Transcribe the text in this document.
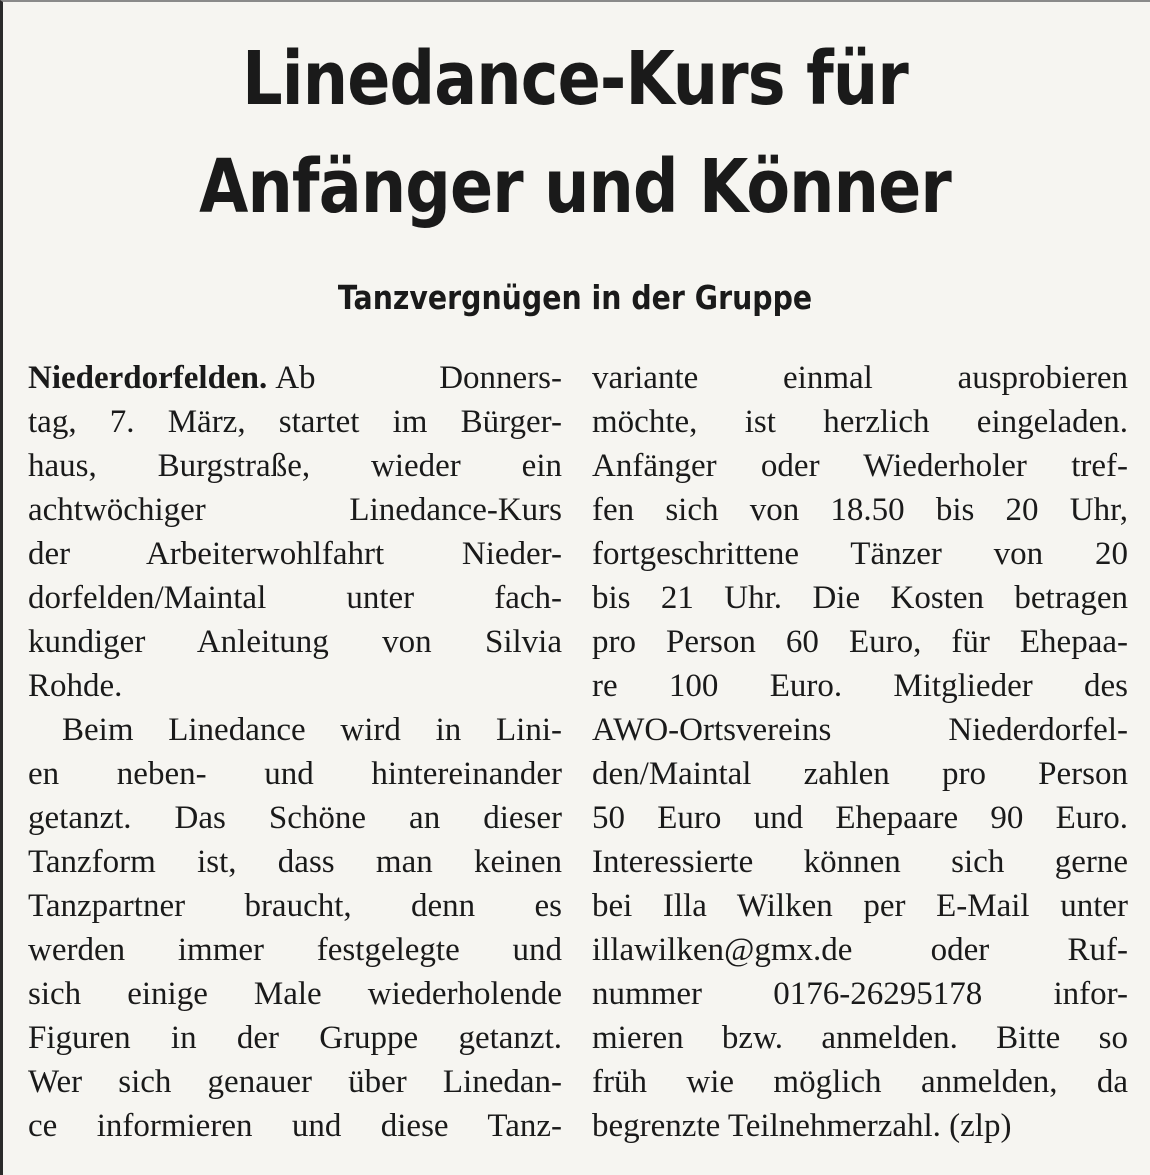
Linedance-Kurs für
Anfänger und Könner
Tanzvergnügen in der Gruppe
Niederdorfelden. Ab Donners-
tag, 7. März, startet im Bürger-
haus, Burgstraße, wieder ein
achtwöchiger Linedance-Kurs
der Arbeiterwohlfahrt Nieder-
dorfelden/Maintal unter fach-
kundiger Anleitung von Silvia
Rohde.
Beim Linedance wird in Lini-
en neben- und hintereinander
getanzt. Das Schöne an dieser
Tanzform ist, dass man keinen
Tanzpartner braucht, denn es
werden immer festgelegte und
sich einige Male wiederholende
Figuren in der Gruppe getanzt.
Wer sich genauer über Linedan-
ce informieren und diese Tanz-
variante einmal ausprobieren
möchte, ist herzlich eingeladen.
Anfänger oder Wiederholer tref-
fen sich von 18.50 bis 20 Uhr,
fortgeschrittene Tänzer von 20
bis 21 Uhr. Die Kosten betragen
pro Person 60 Euro, für Ehepaa-
re 100 Euro. Mitglieder des
AWO-Ortsvereins Niederdorfel-
den/Maintal zahlen pro Person
50 Euro und Ehepaare 90 Euro.
Interessierte können sich gerne
bei Illa Wilken per E-Mail unter
illawilken@gmx.de oder Ruf-
nummer 0176-26295178 infor-
mieren bzw. anmelden. Bitte so
früh wie möglich anmelden, da
begrenzte Teilnehmerzahl. (zlp)
